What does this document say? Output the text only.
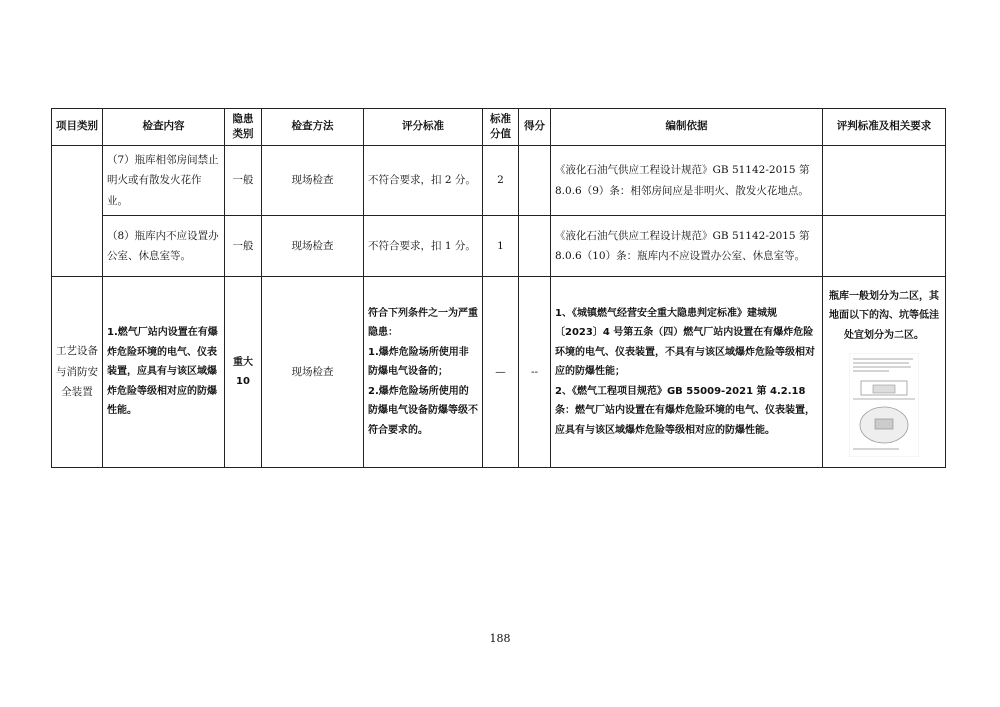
项目类别	检查内容	隐患类别	检查方法	评分标准	标准分值	得分	编制依据	评判标准及相关要求
	（7）瓶库相邻房间禁止明火或有散发火花作业。	一般	现场检查	不符合要求，扣 2 分。	2		《液化石油气供应工程设计规范》GB 51142-2015 第 8.0.6（9）条：相邻房间应是非明火、散发火花地点。	
	（8）瓶库内不应设置办公室、休息室等。	一般	现场检查	不符合要求，扣 1 分。	1		《液化石油气供应工程设计规范》GB 51142-2015 第 8.0.6（10）条：瓶库内不应设置办公室、休息室等。	
工艺设备与消防安全装置	1.燃气厂站内设置在有爆炸危险环境的电气、仪表装置，应具有与该区域爆炸危险等级相对应的防爆性能。	重大 10	现场检查	符合下列条件之一为严重隐患：
1.爆炸危险场所使用非防爆电气设备的；
2.爆炸危险场所使用的防爆电气设备防爆等级不符合要求的。	—	--	1、《城镇燃气经营安全重大隐患判定标准》建城规〔2023〕4 号第五条（四）燃气厂站内设置在有爆炸危险环境的电气、仪表装置，不具有与该区域爆炸危险等级相对应的防爆性能；
2、《燃气工程项目规范》GB 55009-2021 第 4.2.18 条：燃气厂站内设置在有爆炸危险环境的电气、仪表装置，应具有与该区域爆炸危险等级相对应的防爆性能。	瓶库一般划分为二区，其地面以下的沟、坑等低洼处宜划分为二区。
188
